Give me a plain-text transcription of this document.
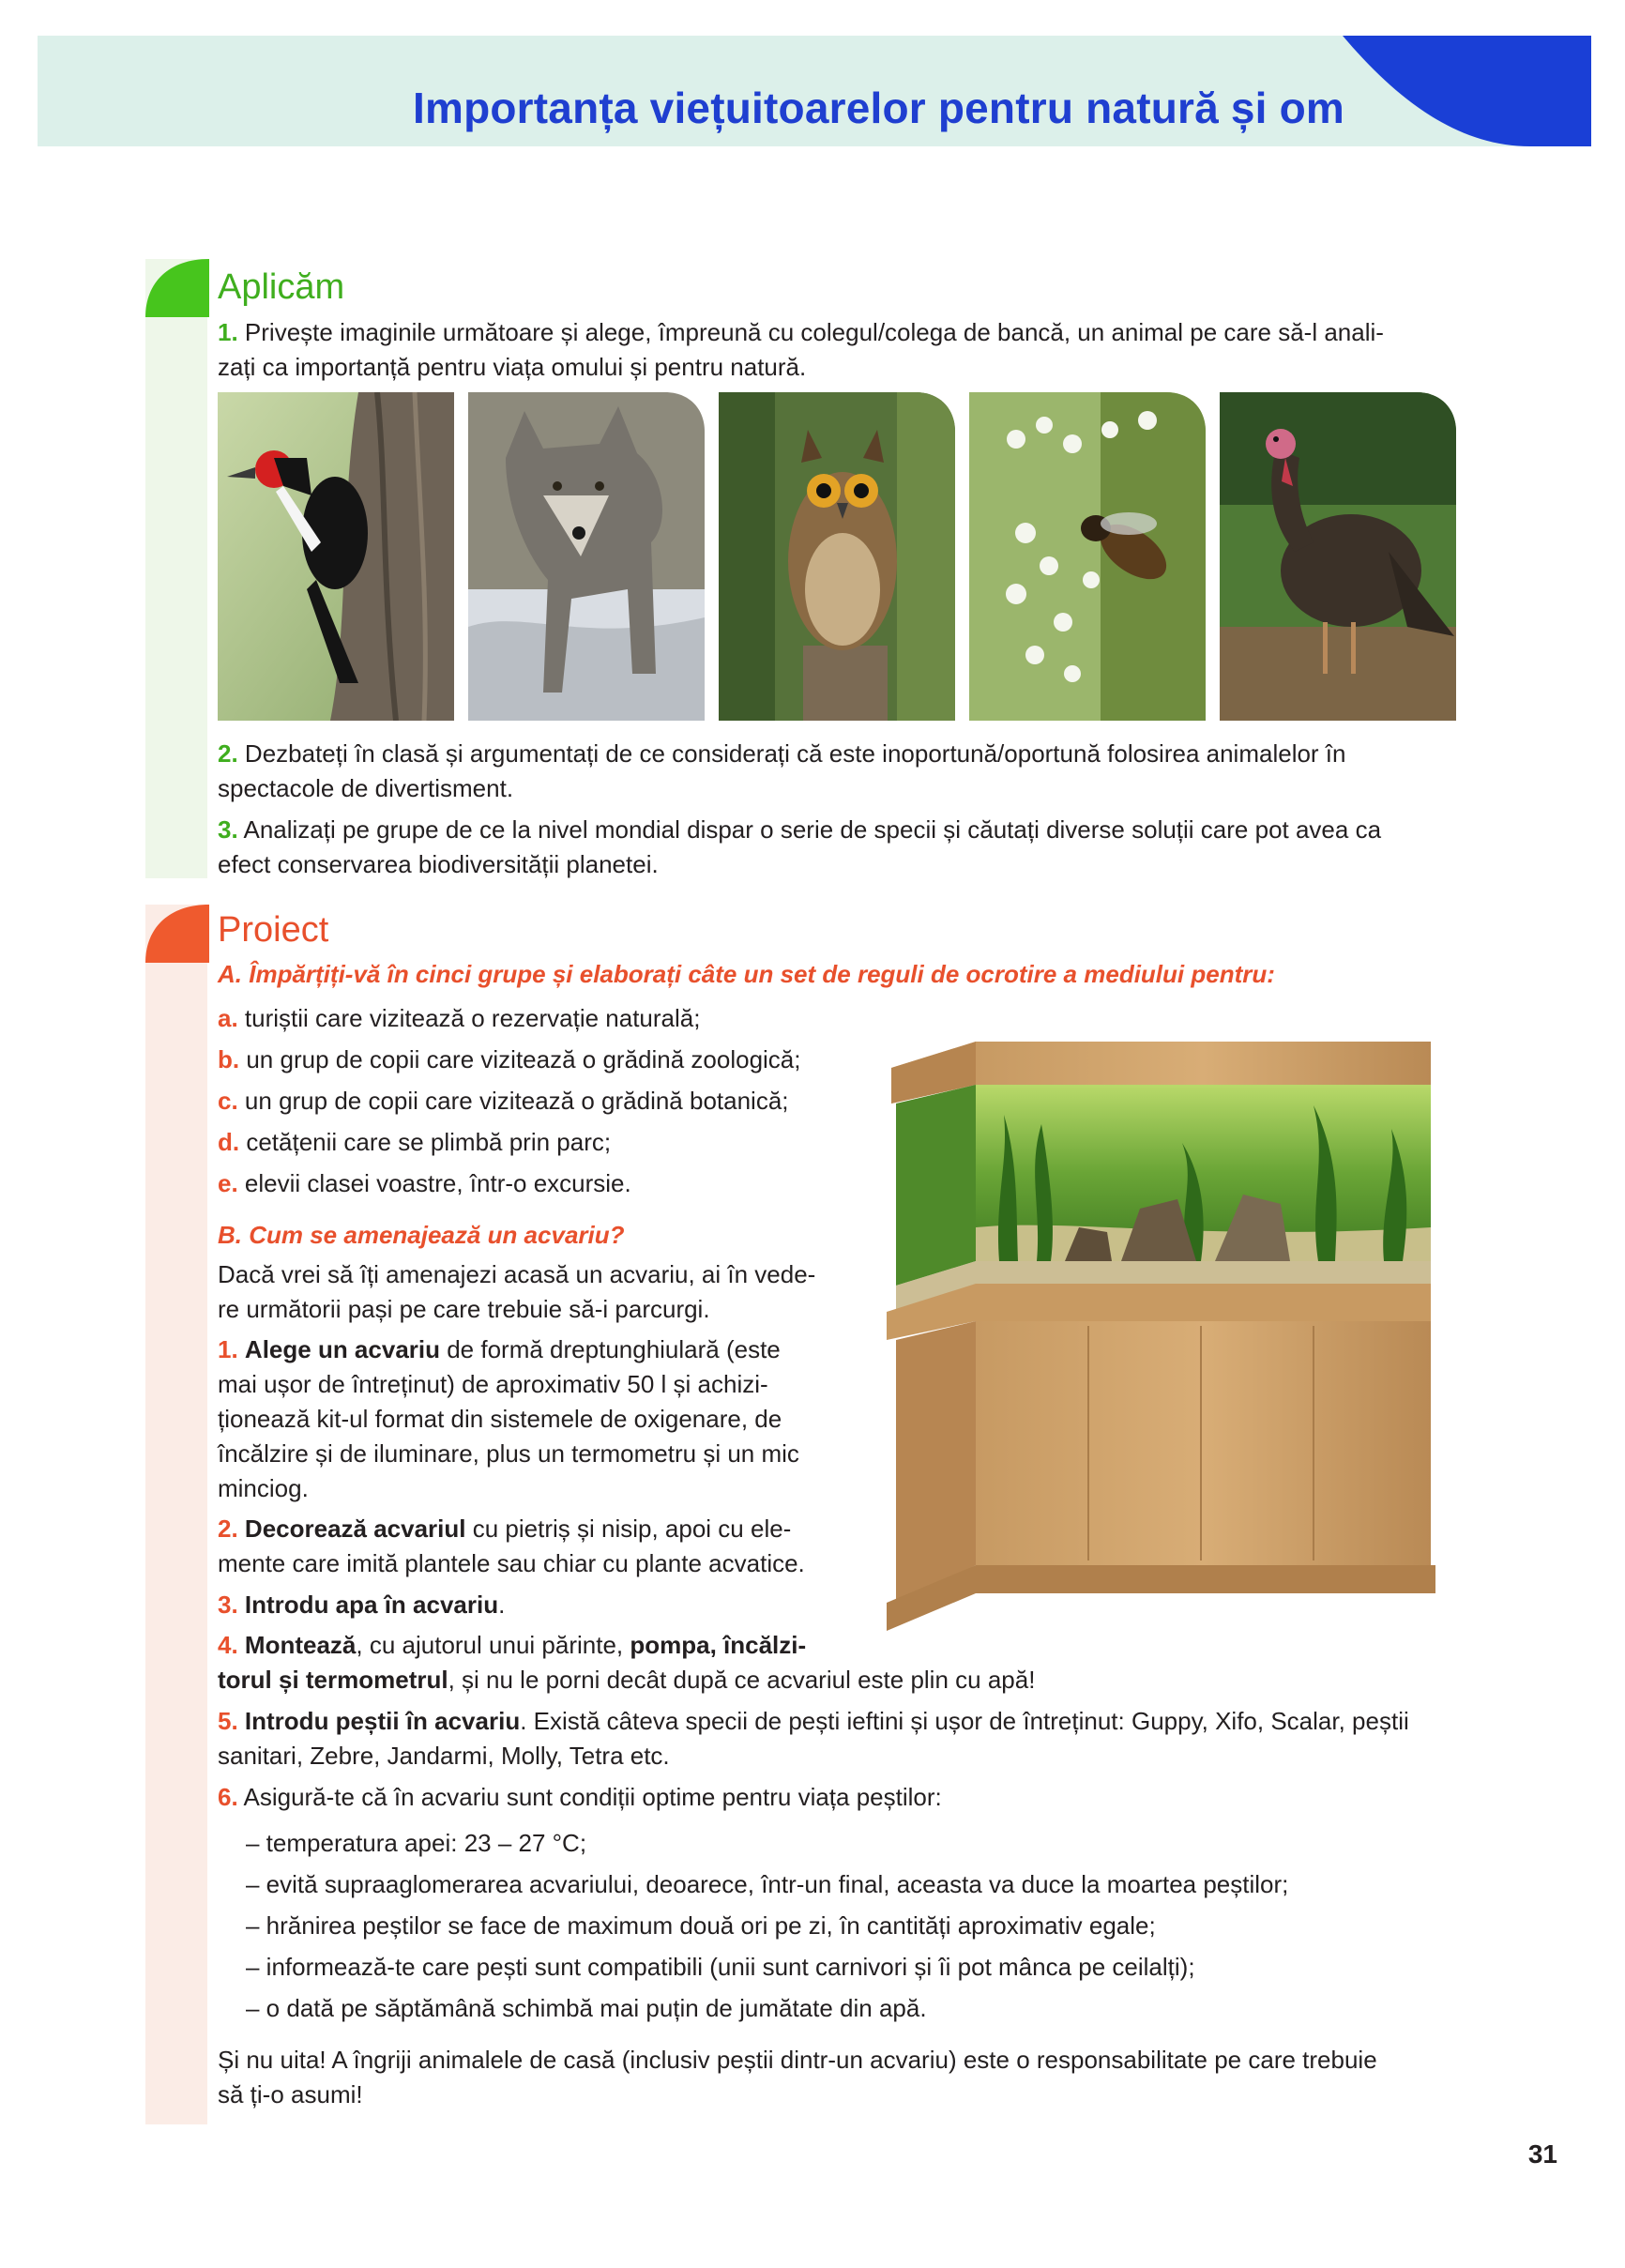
Importanța viețuitoarelor pentru natură și om
Aplicăm

1. Privește imaginile următoare și alege, împreună cu colegul/colega de bancă, un animal pe care să-l anali-

zați ca importanță pentru viața omului și pentru natură.

2. Dezbateți în clasă și argumentați de ce considerați că este inoportună/oportună folosirea animalelor în

spectacole de divertisment.

3. Analizați pe grupe de ce la nivel mondial dispar o serie de specii și căutați diverse soluții care pot avea ca

efect conservarea biodiversității planetei.

Proiect

A. Împărțiți-vă în cinci grupe și elaborați câte un set de reguli de ocrotire a mediului pentru:

a. turiștii care vizitează o rezervație naturală;

b. un grup de copii care vizitează o grădină zoologică;

c. un grup de copii care vizitează o grădină botanică;

d. cetățenii care se plimbă prin parc;

e. elevii clasei voastre, într-o excursie.

B. Cum se amenajează un acvariu?

Dacă vrei să îți amenajezi acasă un acvariu, ai în vede-

re următorii pași pe care trebuie să-i parcurgi.

1. Alege un acvariu de formă dreptunghiulară (este

mai ușor de întreținut) de aproximativ 50 l și achizi-

ționează kit-ul format din sistemele de oxigenare, de

încălzire și de iluminare, plus un termometru și un mic

minciog.

2. Decorează acvariul cu pietriș și nisip, apoi cu ele-

mente care imită plantele sau chiar cu plante acvatice.

3. Introdu apa în acvariu.

4. Montează, cu ajutorul unui părinte, pompa, încălzi-

torul și termometrul, și nu le porni decât după ce acvariul este plin cu apă!

5. Introdu peștii în acvariu. Există câteva specii de pești ieftini și ușor de întreținut: Guppy, Xifo, Scalar, peștii

sanitari, Zebre, Jandarmi, Molly, Tetra etc.

6. Asigură-te că în acvariu sunt condiții optime pentru viața peștilor:

– temperatura apei: 23 – 27 °C;

– evită supraaglomerarea acvariului, deoarece, într-un final, aceasta va duce la moartea peștilor;

– hrănirea peștilor se face de maximum două ori pe zi, în cantități aproximativ egale;

– informează-te care pești sunt compatibili (unii sunt carnivori și îi pot mânca pe ceilalți);

– o dată pe săptămână schimbă mai puțin de jumătate din apă.

Și nu uita! A îngriji animalele de casă (inclusiv peștii dintr-un acvariu) este o responsabilitate pe care trebuie

să ți-o asumi!

31
